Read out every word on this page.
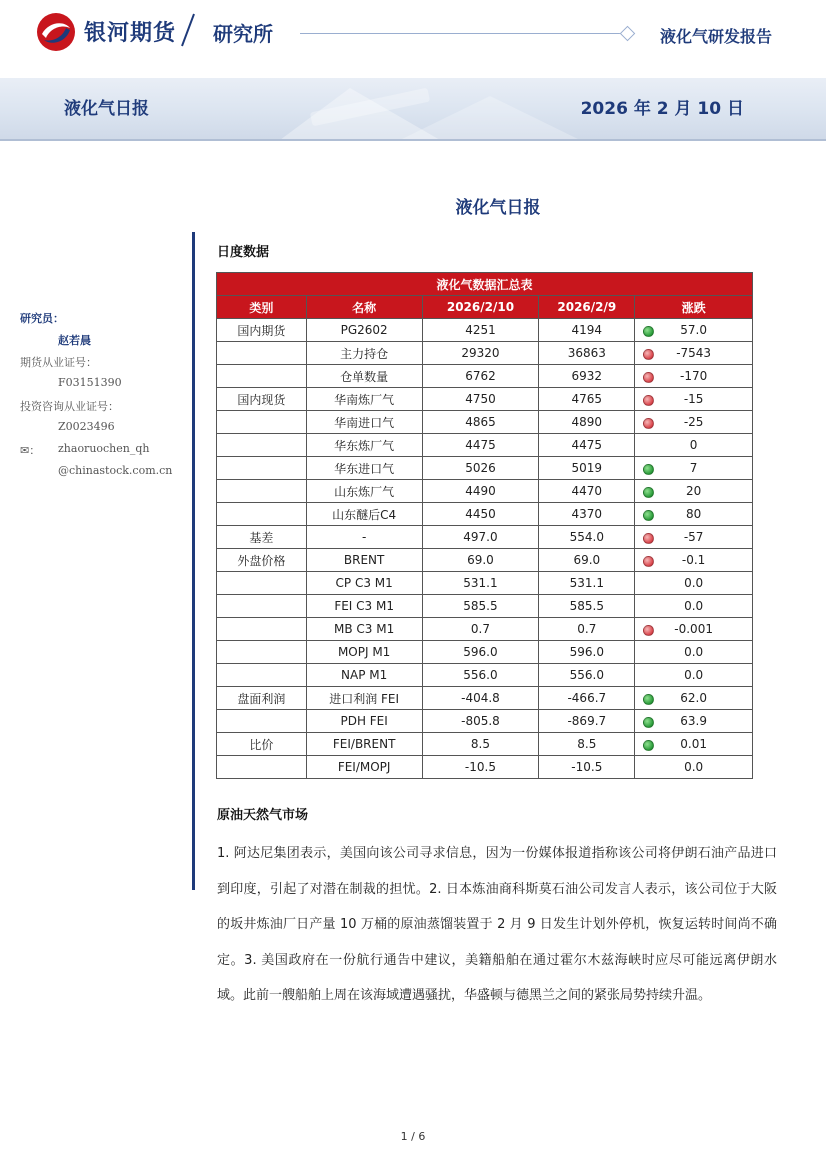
银河期货 研究所	液化气研发报告
液化气日报	2026 年 2 月 10 日
液化气日报
研究员：
赵若晨
期货从业证号：
F03151390
投资咨询从业证号：
Z0023496
✉： zhaoruochen_qh
@chinastock.com.cn
日度数据
液化气数据汇总表				
类别	名称	2026/2/10	2026/2/9	涨跌
国内期货	PG2602	4251	4194	57.0
	主力持仓	29320	36863	-7543
	仓单数量	6762	6932	-170
国内现货	华南炼厂气	4750	4765	-15
	华南进口气	4865	4890	-25
	华东炼厂气	4475	4475	0
	华东进口气	5026	5019	7
	山东炼厂气	4490	4470	20
	山东醚后C4	4450	4370	80
基差	-	497.0	554.0	-57
外盘价格	BRENT	69.0	69.0	-0.1
	CP C3 M1	531.1	531.1	0.0
	FEI C3 M1	585.5	585.5	0.0
	MB C3 M1	0.7	0.7	-0.001
	MOPJ M1	596.0	596.0	0.0
	NAP M1	556.0	556.0	0.0
盘面利润	进口利润 FEI	-404.8	-466.7	62.0
	PDH FEI	-805.8	-869.7	63.9
比价	FEI/BRENT	8.5	8.5	0.01
	FEI/MOPJ	-10.5	-10.5	0.0
原油天然气市场
1. 阿达尼集团表示，美国向该公司寻求信息，因为一份媒体报道指称该公司将伊朗石油产品进口到印度，引起了对潜在制裁的担忧。2. 日本炼油商科斯莫石油公司发言人表示，该公司位于大阪的坂井炼油厂日产量 10 万桶的原油蒸馏装置于 2 月 9 日发生计划外停机，恢复运转时间尚不确定。3. 美国政府在一份航行通告中建议，美籍船舶在通过霍尔木兹海峡时应尽可能远离伊朗水域。此前一艘船舶上周在该海域遭遇骚扰，华盛顿与德黑兰之间的紧张局势持续升温。
1 / 6
